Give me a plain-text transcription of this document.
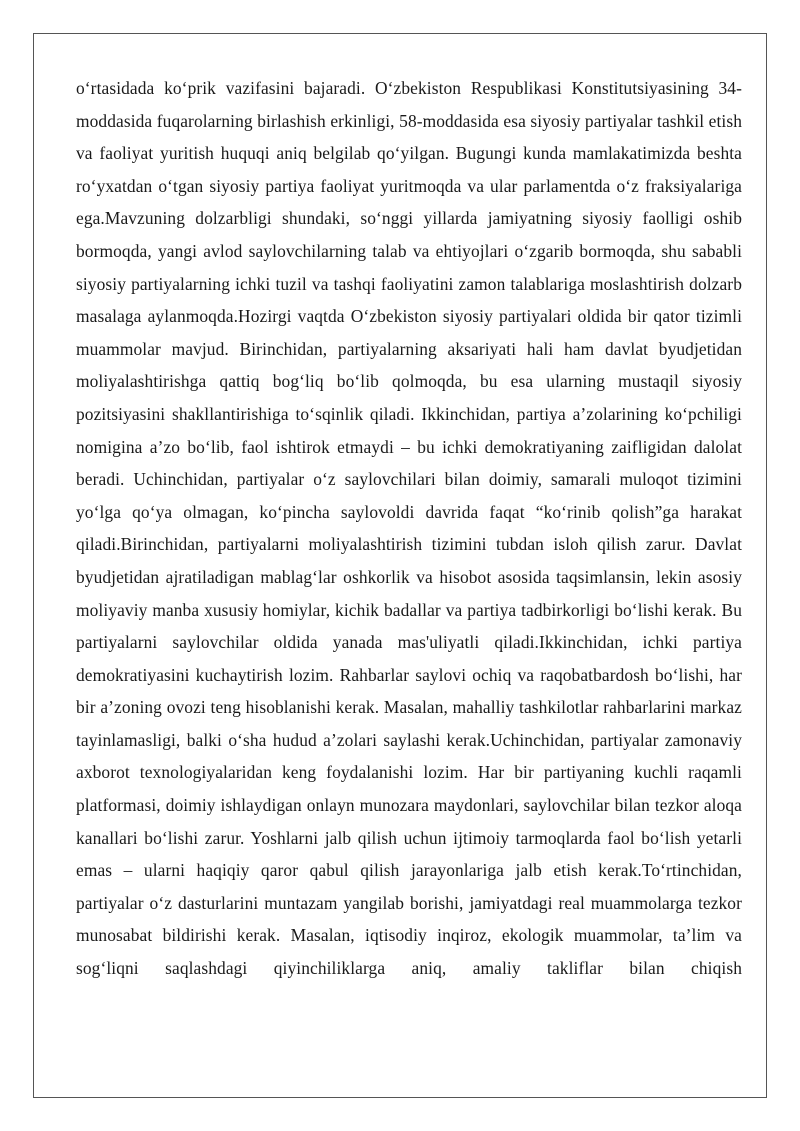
o‘rtasidada ko‘prik vazifasini bajaradi. O‘zbekiston Respublikasi Konstitutsiyasining 34-moddasida fuqarolarning birlashish erkinligi, 58-moddasida esa siyosiy partiyalar tashkil etish va faoliyat yuritish huquqi aniq belgilab qo‘yilgan. Bugungi kunda mamlakatimizda beshta ro‘yxatdan o‘tgan siyosiy partiya faoliyat yuritmoqda va ular parlamentda o‘z fraksiyalariga ega.Mavzuning dolzarbligi shundaki, so‘nggi yillarda jamiyatning siyosiy faolligi oshib bormoqda, yangi avlod saylovchilarning talab va ehtiyojlari o‘zgarib bormoqda, shu sababli siyosiy partiyalarning ichki tuzil va tashqi faoliyatini zamon talablariga moslashtirish dolzarb masalaga aylanmoqda.Hozirgi vaqtda O‘zbekiston siyosiy partiyalari oldida bir qator tizimli muammolar mavjud. Birinchidan, partiyalarning aksariyati hali ham davlat byudjetidan moliyalashtirishga qattiq bog‘liq bo‘lib qolmoqda, bu esa ularning mustaqil siyosiy pozitsiyasini shakllantirishiga to‘sqinlik qiladi. Ikkinchidan, partiya a’zolarining ko‘pchiligi nomigina a’zo bo‘lib, faol ishtirok etmaydi – bu ichki demokratiyaning zaifligidan dalolat beradi. Uchinchidan, partiyalar o‘z saylovchilari bilan doimiy, samarali muloqot tizimini yo‘lga qo‘ya olmagan, ko‘pincha saylovoldi davrida faqat “ko‘rinib qolish”ga harakat qiladi.Birinchidan, partiyalarni moliyalashtirish tizimini tubdan isloh qilish zarur. Davlat byudjetidan ajratiladigan mablag‘lar oshkorlik va hisobot asosida taqsimlansin, lekin asosiy moliyaviy manba xususiy homiylar, kichik badallar va partiya tadbirkorligi bo‘lishi kerak. Bu partiyalarni saylovchilar oldida yanada mas'uliyatli qiladi.Ikkinchidan, ichki partiya demokratiyasini kuchaytirish lozim. Rahbarlar saylovi ochiq va raqobatbardosh bo‘lishi, har bir a’zoning ovozi teng hisoblanishi kerak. Masalan, mahalliy tashkilotlar rahbarlarini markaz tayinlamasligi, balki o‘sha hudud a’zolari saylashi kerak.Uchinchidan, partiyalar zamonaviy axborot texnologiyalaridan keng foydalanishi lozim. Har bir partiyaning kuchli raqamli platformasi, doimiy ishlaydigan onlayn munozara maydonlari, saylovchilar bilan tezkor aloqa kanallari bo‘lishi zarur. Yoshlarni jalb qilish uchun ijtimoiy tarmoqlarda faol bo‘lish yetarli emas – ularni haqiqiy qaror qabul qilish jarayonlariga jalb etish kerak.To‘rtinchidan, partiyalar o‘z dasturlarini muntazam yangilab borishi, jamiyatdagi real muammolarga tezkor munosabat bildirishi kerak. Masalan, iqtisodiy inqiroz, ekologik muammolar, ta’lim va sog‘liqni saqlashdagi qiyinchiliklarga aniq, amaliy takliflar bilan chiqish
